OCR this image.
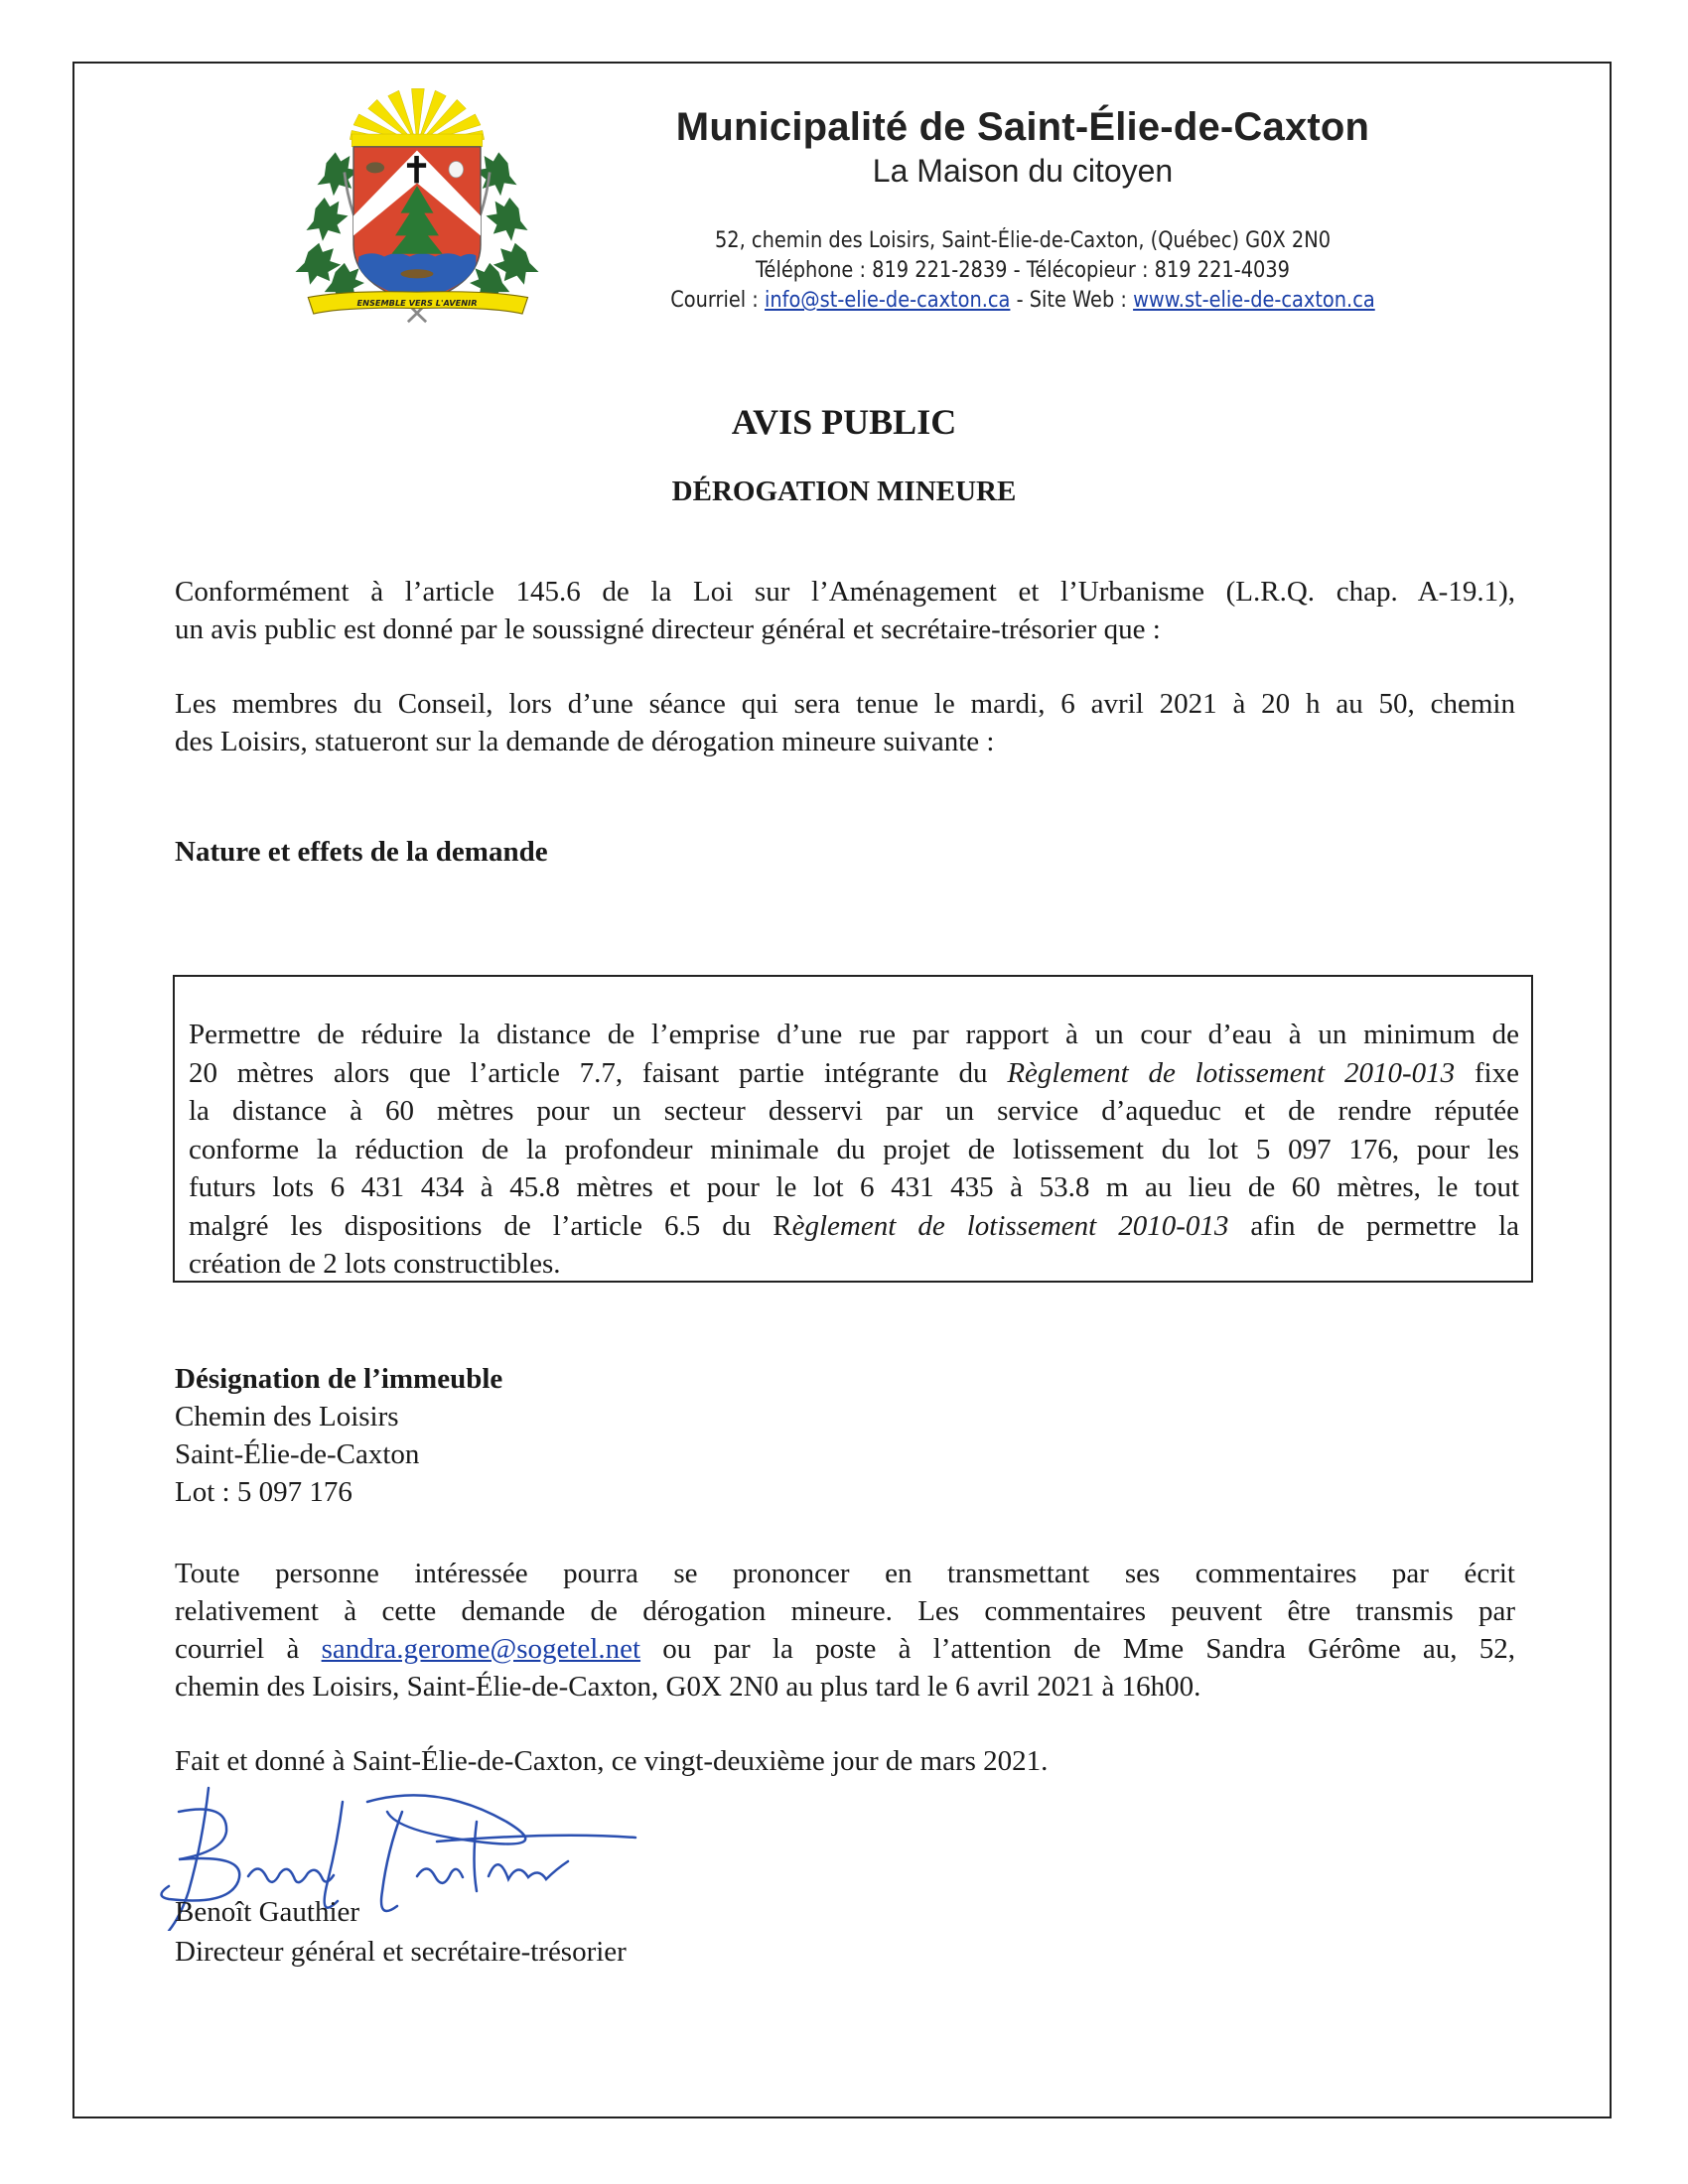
ENSEMBLE VERS L'AVENIR
Municipalité de Saint-Élie-de-Caxton
La Maison du citoyen
52, chemin des Loisirs, Saint-Élie-de-Caxton, (Québec) G0X 2N0
Téléphone : 819 221-2839 - Télécopieur : 819 221-4039
Courriel : info@st-elie-de-caxton.ca - Site Web : www.st-elie-de-caxton.ca
AVIS PUBLIC
DÉROGATION MINEURE
Conformément à l’article 145.6 de la Loi sur l’Aménagement et l’Urbanisme (L.R.Q. chap. A-19.1),
un avis public est donné par le soussigné directeur général et secrétaire-trésorier que :
Les membres du Conseil, lors d’une séance qui sera tenue le mardi, 6 avril 2021 à 20 h au 50, chemin
des Loisirs, statueront sur la demande de dérogation mineure suivante :
Nature et effets de la demande
Permettre de réduire la distance de l’emprise d’une rue par rapport à un cour d’eau à un minimum de
20 mètres alors que l’article 7.7, faisant partie intégrante du Règlement de lotissement 2010-013 fixe
la distance à 60 mètres pour un secteur desservi par un service d’aqueduc et de rendre réputée
conforme la réduction de la profondeur minimale du projet de lotissement du lot 5 097 176, pour les
futurs lots 6 431 434 à 45.8 mètres et pour le lot 6 431 435 à 53.8 m au lieu de 60 mètres, le tout
malgré les dispositions de l’article 6.5 du Règlement de lotissement 2010-013 afin de permettre la
création de 2 lots constructibles.
Désignation de l’immeuble
Chemin des Loisirs
Saint-Élie-de-Caxton
Lot : 5 097 176
Toute personne intéressée pourra se prononcer en transmettant ses commentaires par écrit
relativement à cette demande de dérogation mineure. Les commentaires peuvent être transmis par
courriel à sandra.gerome@sogetel.net ou par la poste à l’attention de Mme Sandra Gérôme au, 52,
chemin des Loisirs, Saint-Élie-de-Caxton, G0X 2N0 au plus tard le 6 avril 2021 à 16h00.
Fait et donné à Saint-Élie-de-Caxton, ce vingt-deuxième jour de mars 2021.
Benoît Gauthier
Directeur général et secrétaire-trésorier
